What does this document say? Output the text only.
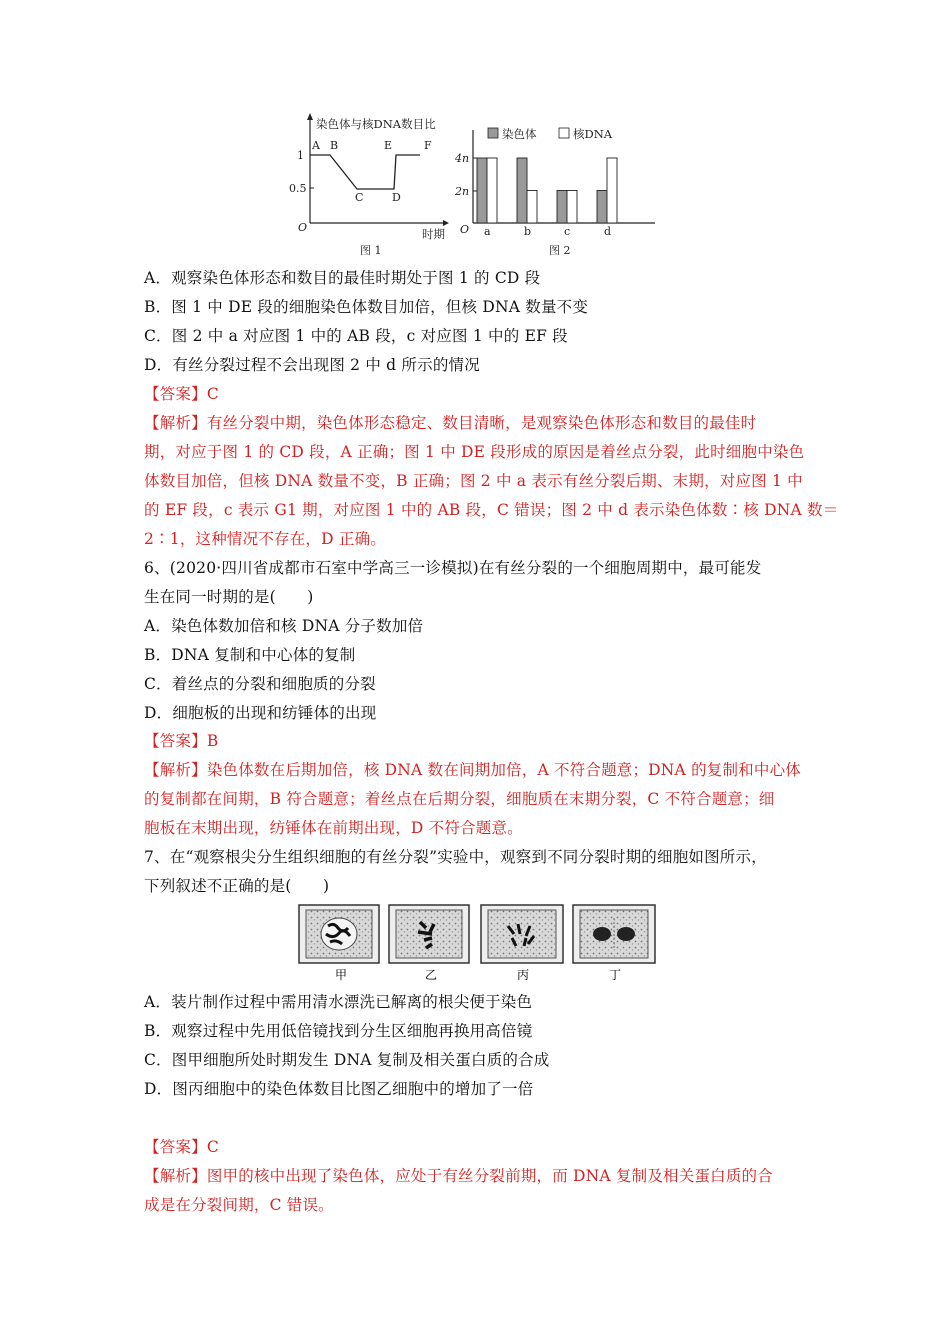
染色体与核DNA数目比
1
0.5
O	时期
A B
C	D
E	F
图 1
染色体	核DNA
4n
2n
O a	b	c	d
图 2
A．观察染色体形态和数目的最佳时期处于图 1 的 CD 段
B．图 1 中 DE 段的细胞染色体数目加倍，但核 DNA 数量不变
C．图 2 中 a 对应图 1 中的 AB 段，c 对应图 1 中的 EF 段
D．有丝分裂过程不会出现图 2 中 d 所示的情况
【答案】C
【解析】有丝分裂中期，染色体形态稳定、数目清晰，是观察染色体形态和数目的最佳时
期，对应于图 1 的 CD 段，A 正确；图 1 中 DE 段形成的原因是着丝点分裂，此时细胞中染色
体数目加倍，但核 DNA 数量不变，B 正确；图 2 中 a 表示有丝分裂后期、末期，对应图 1 中
的 EF 段，c 表示 G1 期，对应图 1 中的 AB 段，C 错误；图 2 中 d 表示染色体数∶核 DNA 数＝
2∶1，这种情况不存在，D 正确。
6、(2020·四川省成都市石室中学高三一诊模拟)在有丝分裂的一个细胞周期中，最可能发
生在同一时期的是(　　)
A．染色体数加倍和核 DNA 分子数加倍
B．DNA 复制和中心体的复制
C．着丝点的分裂和细胞质的分裂
D．细胞板的出现和纺锤体的出现
【答案】B
【解析】染色体数在后期加倍，核 DNA 数在间期加倍，A 不符合题意；DNA 的复制和中心体
的复制都在间期，B 符合题意；着丝点在后期分裂，细胞质在末期分裂，C 不符合题意；细
胞板在末期出现，纺锤体在前期出现，D 不符合题意。
7、在“观察根尖分生组织细胞的有丝分裂”实验中，观察到不同分裂时期的细胞如图所示，
下列叙述不正确的是(　　)
甲	乙	丙	丁
A．装片制作过程中需用清水漂洗已解离的根尖便于染色
B．观察过程中先用低倍镜找到分生区细胞再换用高倍镜
C．图甲细胞所处时期发生 DNA 复制及相关蛋白质的合成
D．图丙细胞中的染色体数目比图乙细胞中的增加了一倍
【答案】C
【解析】图甲的核中出现了染色体，应处于有丝分裂前期，而 DNA 复制及相关蛋白质的合
成是在分裂间期，C 错误。
